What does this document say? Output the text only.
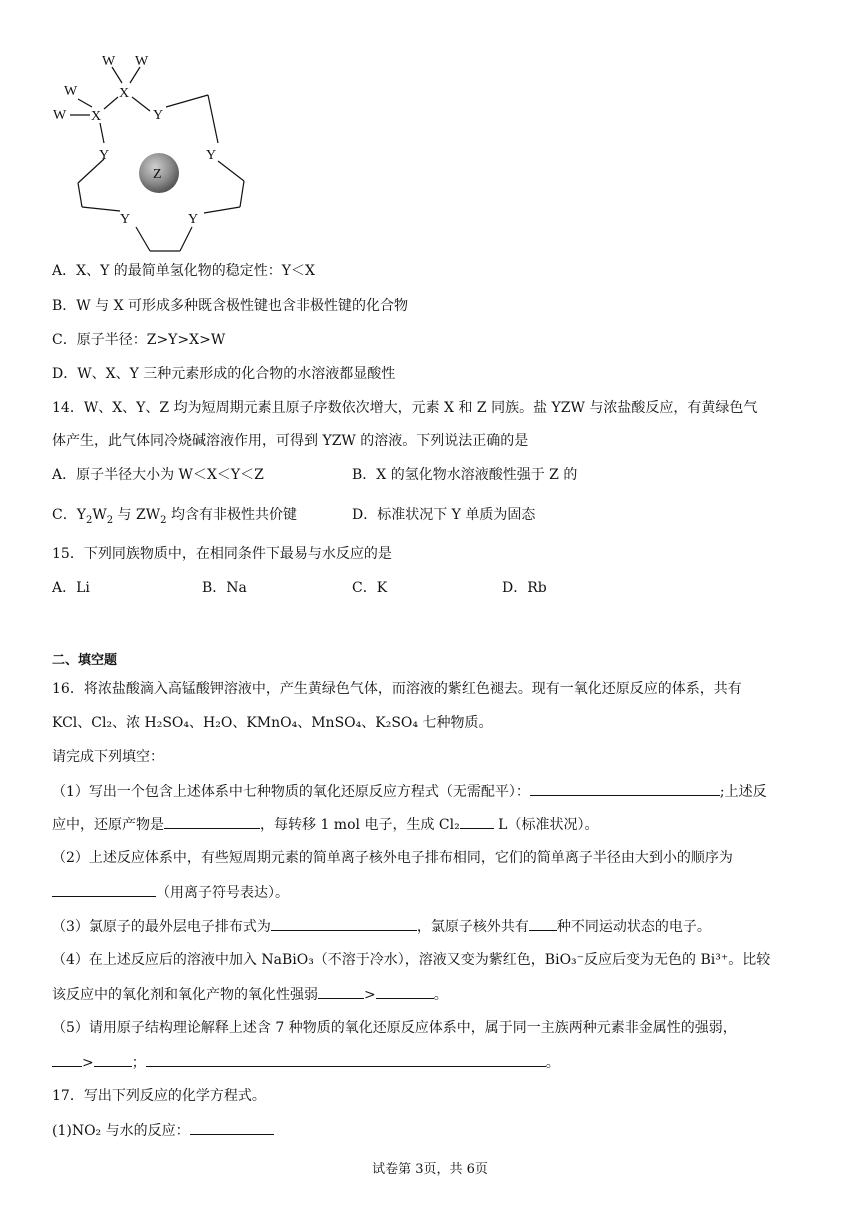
W W
W
W
X
X	Y
Y	Y
Y	Y
Z
A．X、Y 的最简单氢化物的稳定性：Y＜X
B．W 与 X 可形成多种既含极性键也含非极性键的化合物
C．原子半径：Z>Y>X>W
D．W、X、Y 三种元素形成的化合物的水溶液都显酸性
14．W、X、Y、Z 均为短周期元素且原子序数依次增大，元素 X 和 Z 同族。盐 YZW 与浓盐酸反应，有黄绿色气
体产生，此气体同冷烧碱溶液作用，可得到 YZW 的溶液。下列说法正确的是
A．原子半径大小为 W＜X＜Y＜Z	B．X 的氢化物水溶液酸性强于 Z 的
C．$Y_2W_2$ 与 $ZW_2$ 均含有非极性共价键	D．标准状况下 Y 单质为固态
15．下列同族物质中，在相同条件下最易与水反应的是
A．Li	B．Na	C．K	D．Rb
二、填空题
16．将浓盐酸滴入高锰酸钾溶液中，产生黄绿色气体，而溶液的紫红色褪去。现有一氧化还原反应的体系，共有
KCl、Cl₂、浓 H₂SO₄、H₂O、KMnO₄、MnSO₄、K₂SO₄ 七种物质。
请完成下列填空：
（1）写出一个包含上述体系中七种物质的氧化还原反应方程式（无需配平）：	;上述反
应中，还原产物是	，每转移 1 mol 电子，生成 Cl₂ L（标准状况）。
（2）上述反应体系中，有些短周期元素的简单离子核外电子排布相同，它们的简单离子半径由大到小的顺序为
（用离子符号表达）。
（3）氯原子的最外层电子排布式为	，氯原子核外共有 种不同运动状态的电子。
（4）在上述反应后的溶液中加入 NaBiO₃（不溶于冷水），溶液又变为紫红色，BiO₃⁻反应后变为无色的 Bi³⁺。比较
该反应中的氧化剂和氧化产物的氧化性强弱	>	。
（5）请用原子结构理论解释上述含 7 种物质的氧化还原反应体系中，属于同一主族两种元素非金属性的强弱，
>	；	。
17．写出下列反应的化学方程式。
(1)NO₂ 与水的反应：
试卷第 3页，共 6页
